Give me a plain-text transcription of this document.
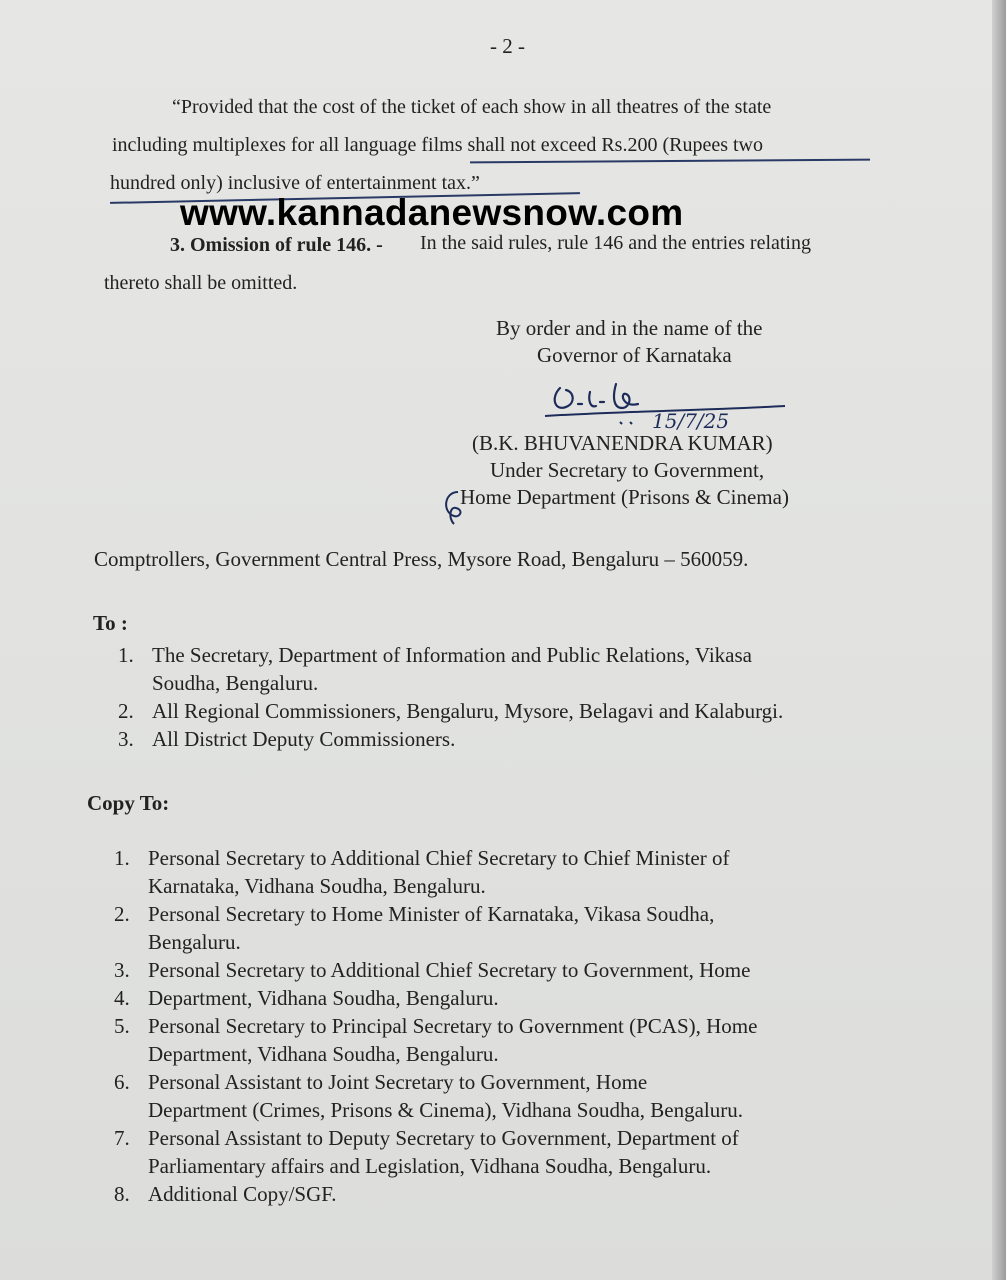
- 2 -

“Provided that the cost of the ticket of each show in all theatres of the state

including multiplexes for all language films shall not exceed Rs.200 (Rupees two

hundred only) inclusive of entertainment tax.”

www.kannadanewsnow.com

3. Omission of rule 146. - In the said rules, rule 146 and the entries relating

thereto shall be omitted.

By order and in the name of the

Governor of Karnataka

15/7/25

(B.K. BHUVANENDRA KUMAR)

Under Secretary to Government,

Home Department (Prisons & Cinema)

Comptrollers, Government Central Press, Mysore Road, Bengaluru – 560059.

To :

1. The Secretary, Department of Information and Public Relations, Vikasa
Soudha, Bengaluru.
2. All Regional Commissioners, Bengaluru, Mysore, Belagavi and Kalaburgi.
3. All District Deputy Commissioners.

Copy To:

1. Personal Secretary to Additional Chief Secretary to Chief Minister of
Karnataka, Vidhana Soudha, Bengaluru.
2. Personal Secretary to Home Minister of Karnataka, Vikasa Soudha,
Bengaluru.
3. Personal Secretary to Additional Chief Secretary to Government, Home
4. Department, Vidhana Soudha, Bengaluru.
5. Personal Secretary to Principal Secretary to Government (PCAS), Home
Department, Vidhana Soudha, Bengaluru.
6. Personal Assistant to Joint Secretary to Government, Home
Department (Crimes, Prisons & Cinema), Vidhana Soudha, Bengaluru.
7. Personal Assistant to Deputy Secretary to Government, Department of
Parliamentary affairs and Legislation, Vidhana Soudha, Bengaluru.
8. Additional Copy/SGF.
